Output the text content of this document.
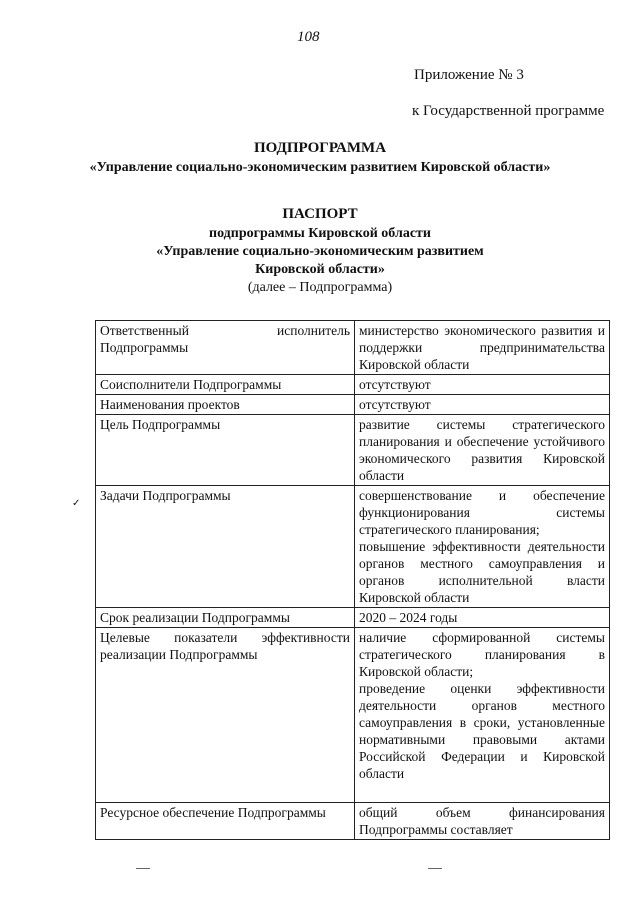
108
Приложение № 3
к Государственной программе
ПОДПРОГРАММА
«Управление социально-экономическим развитием Кировской области»
ПАСПОРТ
подпрограммы Кировской области
«Управление социально-экономическим развитием
Кировской области»
(далее – Подпрограмма)
Ответственный исполнитель Подпрограммы	министерство экономического развития и поддержки предпринимательства Кировской области

Соисполнители Подпрограммы	отсутствуют

Наименования проектов	отсутствуют

Цель Подпрограммы	развитие системы стратегического планирования и обеспечение устойчивого экономического развития Кировской области

Задачи Подпрограммы	совершенствование и обеспечение функционирования системы стратегического планирования;
повышение эффективности деятельности органов местного самоуправления и органов исполнительной власти Кировской области

Срок реализации Подпрограммы	2020 – 2024 годы

Целевые показатели эффективности реализации Подпрограммы	наличие сформированной системы стратегического планирования в Кировской области;
проведение оценки эффективности деятельности органов местного самоуправления в сроки, установленные нормативными правовыми актами Российской Федерации и Кировской области

Ресурсное обеспечение Подпрограммы	общий объем финансирования Подпрограммы составляет
✓
